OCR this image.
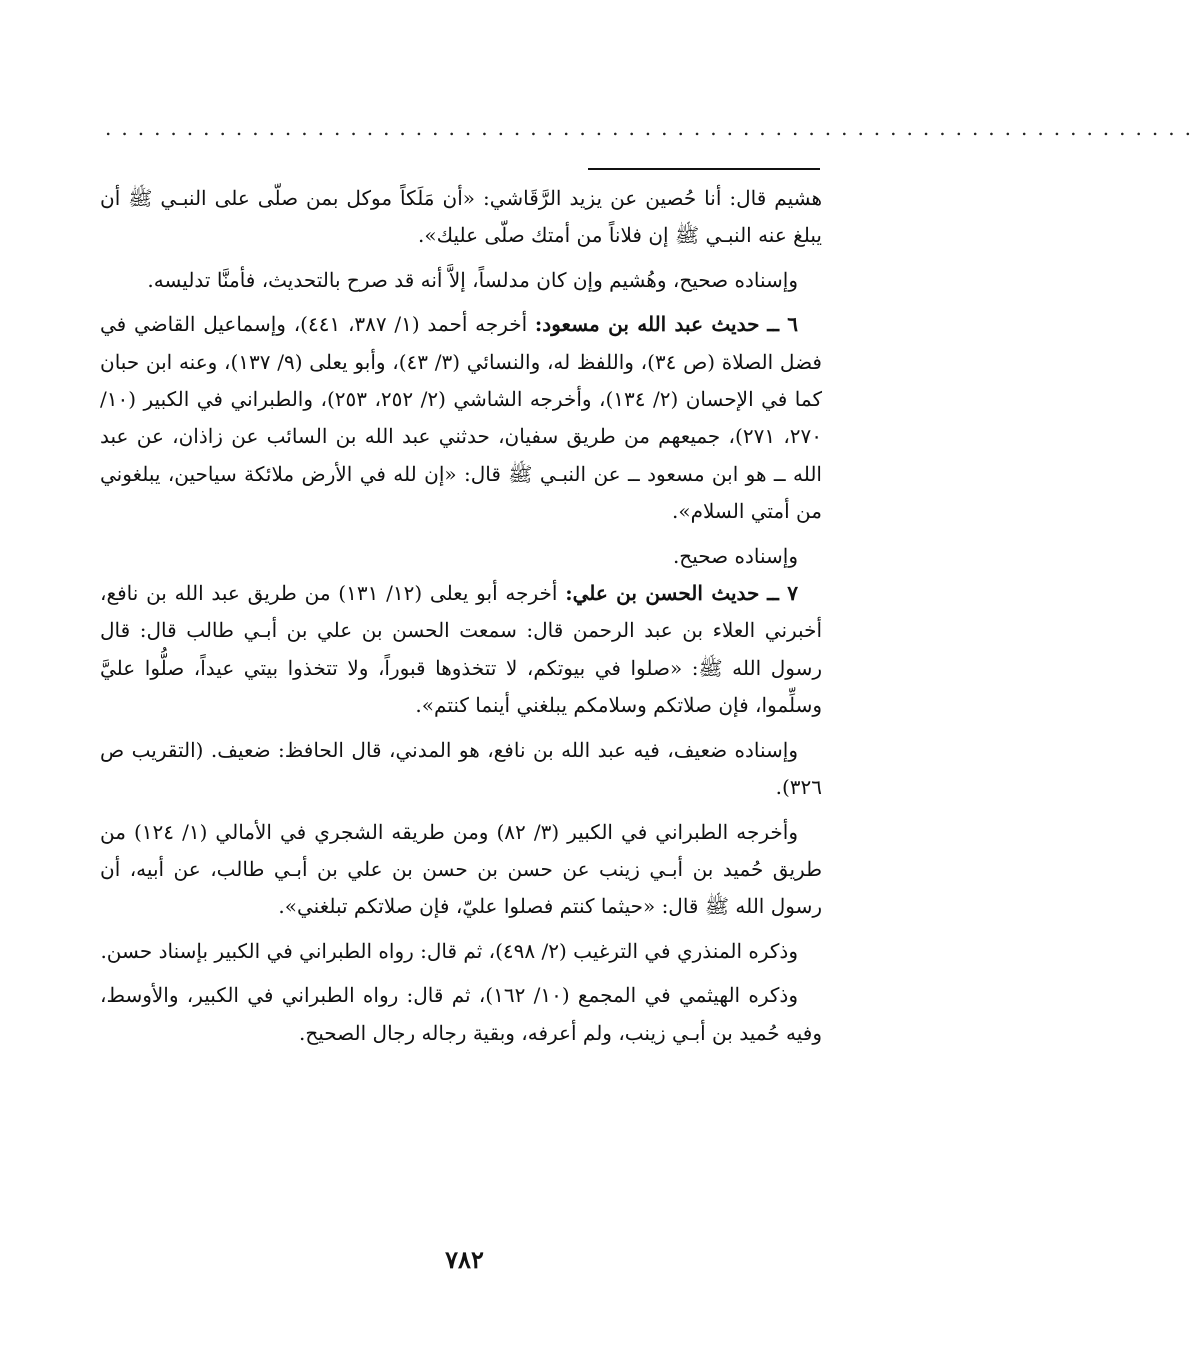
...................................................................

هشيم قال: أنا حُصين عن يزيد الرَّقَاشي: «أن مَلَكاً موكل بمن صلّى على النبـي ﷺ أن يبلغ عنه النبـي ﷺ إن فلاناً من أمتك صلّى عليك».

وإسناده صحيح، وهُشيم وإن كان مدلساً، إلاَّ أنه قد صرح بالتحديث، فأمنَّا تدليسه.

٦ ــ حديث عبد الله بن مسعود: أخرجه أحمد (١/ ٣٨٧، ٤٤١)، وإسماعيل القاضي في فضل الصلاة (ص ٣٤)، واللفظ له، والنسائي (٣/ ٤٣)، وأبو يعلى (٩/ ١٣٧)، وعنه ابن حبان كما في الإحسان (٢/ ١٣٤)، وأخرجه الشاشي (٢/ ٢٥٢، ٢٥٣)، والطبراني في الكبير (١٠/ ٢٧٠، ٢٧١)، جميعهم من طريق سفيان، حدثني عبد الله بن السائب عن زاذان، عن عبد الله ــ هو ابن مسعود ــ عن النبـي ﷺ قال: «إن لله في الأرض ملائكة سياحين، يبلغوني من أمتي السلام».

وإسناده صحيح.

٧ ــ حديث الحسن بن علي: أخرجه أبو يعلى (١٢/ ١٣١) من طريق عبد الله بن نافع، أخبرني العلاء بن عبد الرحمن قال: سمعت الحسن بن علي بن أبـي طالب قال: قال رسول الله ﷺ: «صلوا في بيوتكم، لا تتخذوها قبوراً، ولا تتخذوا بيتي عيداً، صلُّوا عليَّ وسلِّموا، فإن صلاتكم وسلامكم يبلغني أينما كنتم».

وإسناده ضعيف، فيه عبد الله بن نافع، هو المدني، قال الحافظ: ضعيف. (التقريب ص ٣٢٦).

وأخرجه الطبراني في الكبير (٣/ ٨٢) ومن طريقه الشجري في الأمالي (١/ ١٢٤) من طريق حُميد بن أبـي زينب عن حسن بن حسن بن علي بن أبـي طالب، عن أبيه، أن رسول الله ﷺ قال: «حيثما كنتم فصلوا عليّ، فإن صلاتكم تبلغني».

وذكره المنذري في الترغيب (٢/ ٤٩٨)، ثم قال: رواه الطبراني في الكبير بإسناد حسن.

وذكره الهيثمي في المجمع (١٠/ ١٦٢)، ثم قال: رواه الطبراني في الكبير، والأوسط، وفيه حُميد بن أبـي زينب، ولم أعرفه، وبقية رجاله رجال الصحيح.

٧٨٢
